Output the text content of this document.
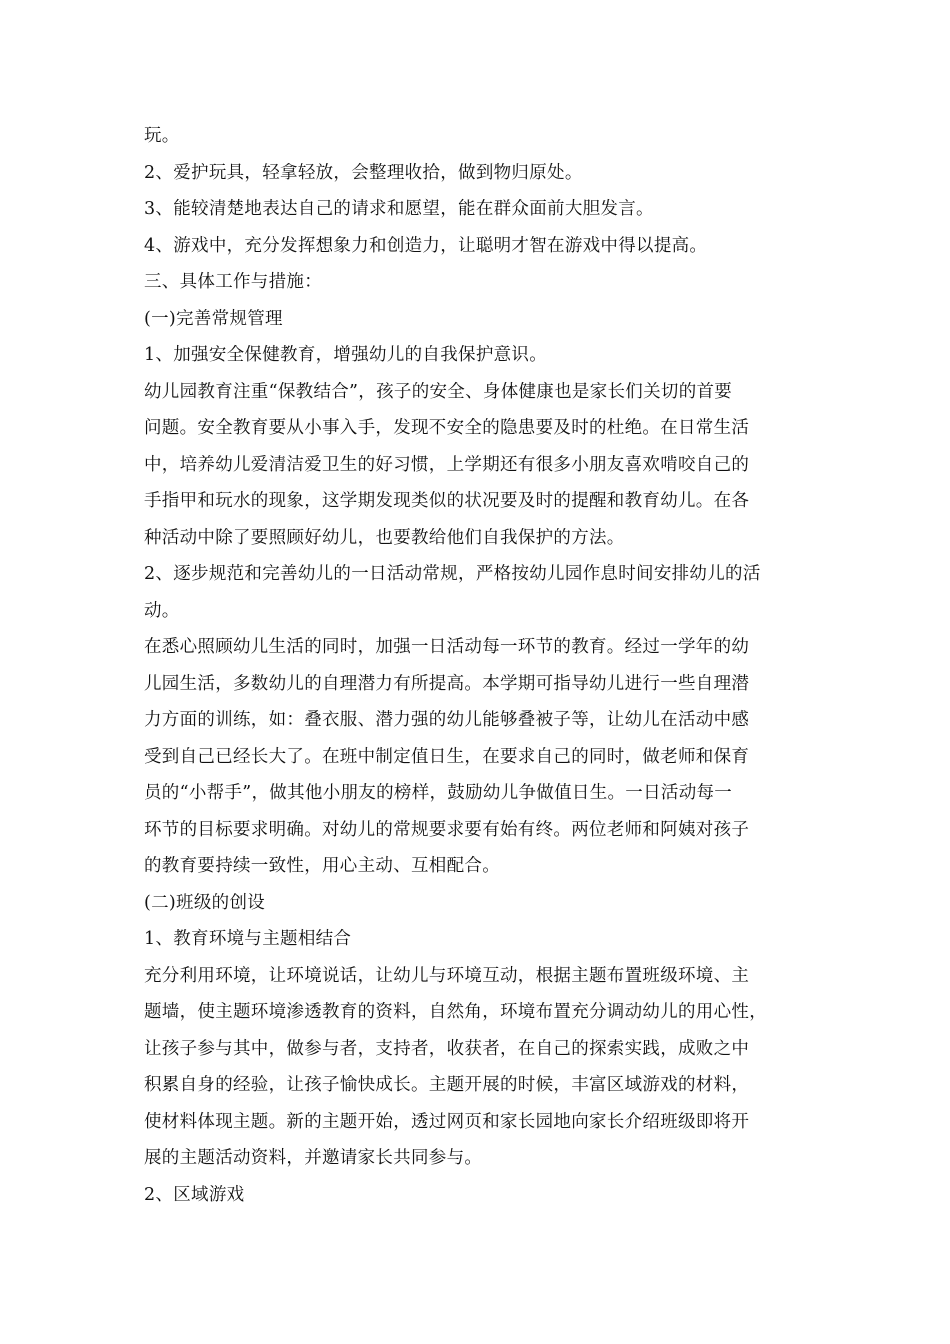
玩。
2、爱护玩具，轻拿轻放，会整理收拾，做到物归原处。
3、能较清楚地表达自己的请求和愿望，能在群众面前大胆发言。
4、游戏中，充分发挥想象力和创造力，让聪明才智在游戏中得以提高。
三、具体工作与措施：
(一)完善常规管理
1、加强安全保健教育，增强幼儿的自我保护意识。
幼儿园教育注重“保教结合”，孩子的安全、身体健康也是家长们关切的首要
问题。安全教育要从小事入手，发现不安全的隐患要及时的杜绝。在日常生活
中，培养幼儿爱清洁爱卫生的好习惯，上学期还有很多小朋友喜欢啃咬自己的
手指甲和玩水的现象，这学期发现类似的状况要及时的提醒和教育幼儿。在各
种活动中除了要照顾好幼儿，也要教给他们自我保护的方法。
2、逐步规范和完善幼儿的一日活动常规，严格按幼儿园作息时间安排幼儿的活
动。
在悉心照顾幼儿生活的同时，加强一日活动每一环节的教育。经过一学年的幼
儿园生活，多数幼儿的自理潜力有所提高。本学期可指导幼儿进行一些自理潜
力方面的训练，如：叠衣服、潜力强的幼儿能够叠被子等，让幼儿在活动中感
受到自己已经长大了。在班中制定值日生，在要求自己的同时，做老师和保育
员的“小帮手”，做其他小朋友的榜样，鼓励幼儿争做值日生。一日活动每一
环节的目标要求明确。对幼儿的常规要求要有始有终。两位老师和阿姨对孩子
的教育要持续一致性，用心主动、互相配合。
(二)班级的创设
1、教育环境与主题相结合
充分利用环境，让环境说话，让幼儿与环境互动，根据主题布置班级环境、主
题墙，使主题环境渗透教育的资料，自然角，环境布置充分调动幼儿的用心性，
让孩子参与其中，做参与者，支持者，收获者，在自己的探索实践，成败之中
积累自身的经验，让孩子愉快成长。主题开展的时候，丰富区域游戏的材料，
使材料体现主题。新的主题开始，透过网页和家长园地向家长介绍班级即将开
展的主题活动资料，并邀请家长共同参与。
2、区域游戏
